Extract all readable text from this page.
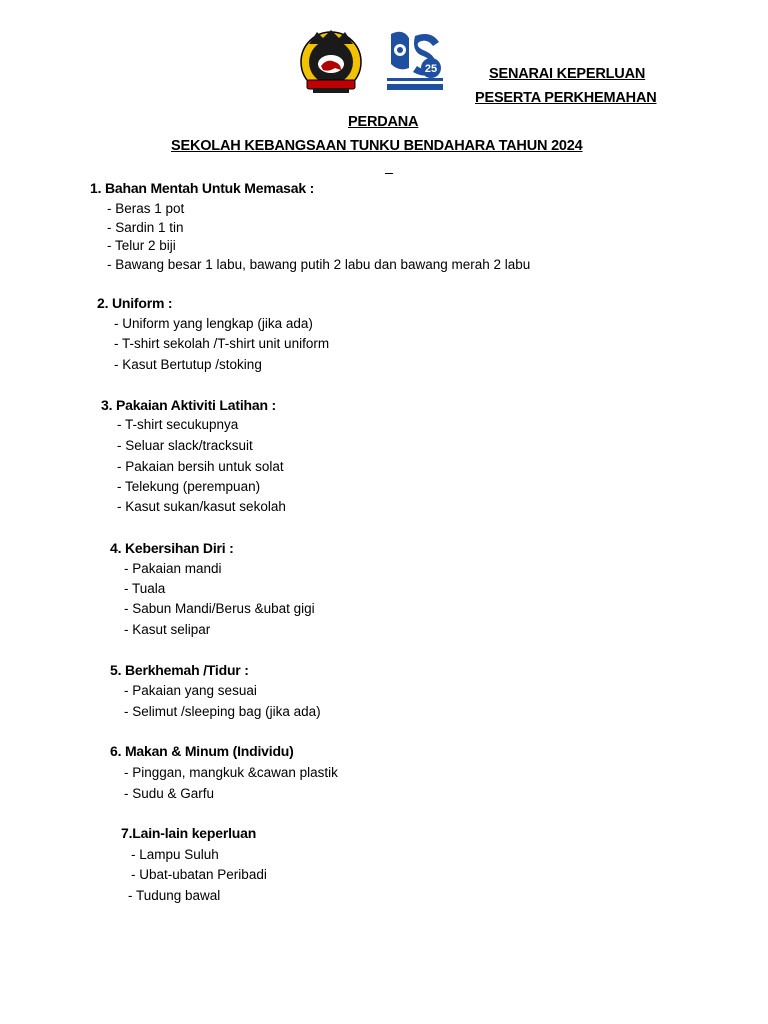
25	SENARAI KEPERLUAN
PESERTA PERKHEMAHAN
PERDANA
SEKOLAH KEBANGSAAN TUNKU BENDAHARA TAHUN 2024
_
1. Bahan Mentah Untuk Memasak :
- Beras 1 pot
- Sardin 1 tin
- Telur 2 biji
- Bawang besar 1 labu, bawang putih 2 labu dan bawang merah 2 labu
2. Uniform :
- Uniform yang lengkap (jika ada)
- T-shirt sekolah /T-shirt unit uniform
- Kasut Bertutup /stoking
3. Pakaian Aktiviti Latihan :
- T-shirt secukupnya
- Seluar slack/tracksuit
- Pakaian bersih untuk solat
- Telekung (perempuan)
- Kasut sukan/kasut sekolah
4. Kebersihan Diri :
- Pakaian mandi
- Tuala
- Sabun Mandi/Berus &ubat gigi
- Kasut selipar
5. Berkhemah /Tidur :
- Pakaian yang sesuai
- Selimut /sleeping bag (jika ada)
6. Makan & Minum (Individu)
- Pinggan, mangkuk &cawan plastik
- Sudu & Garfu
7.Lain-lain keperluan
- Lampu Suluh
- Ubat-ubatan Peribadi
- Tudung bawal
